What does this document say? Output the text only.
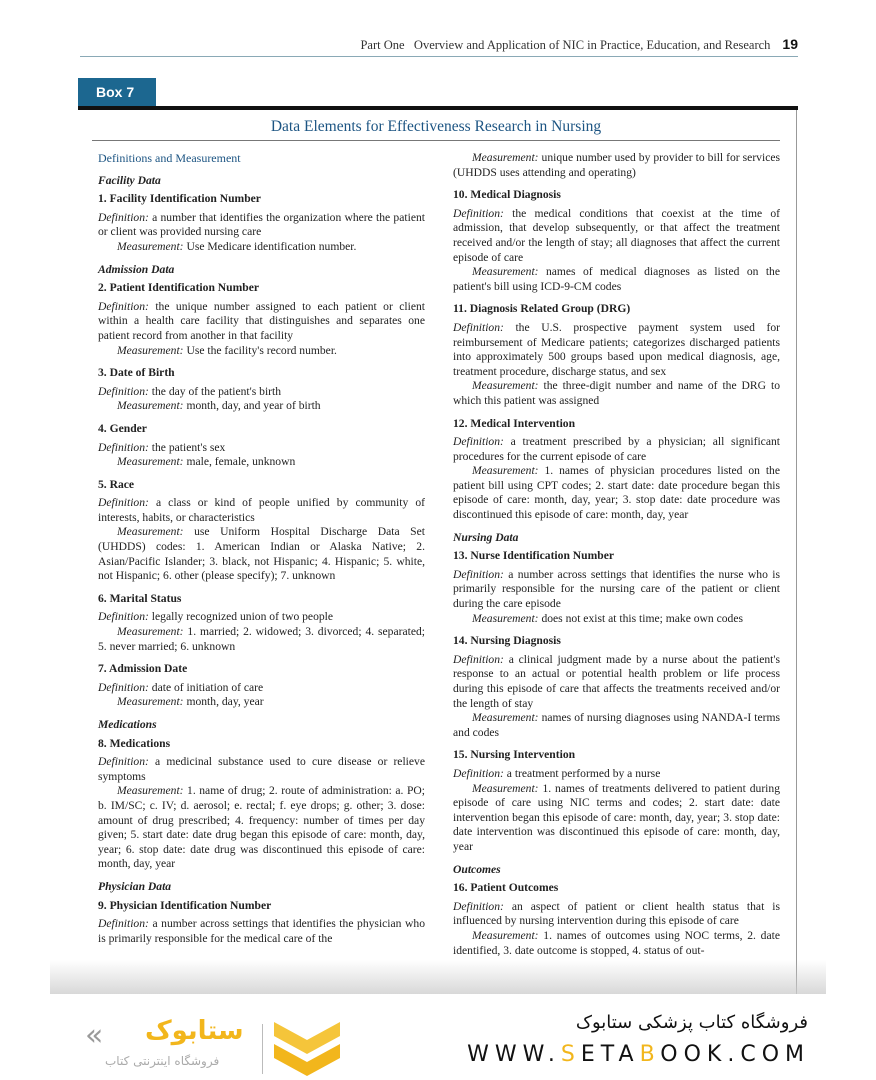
Part One   Overview and Application of NIC in Practice, Education, and Research 19
Box 7
Data Elements for Effectiveness Research in Nursing
Definitions and Measurement
Facility Data
1. Facility Identification Number
Definition: a number that identifies the organization where the patient or client was provided nursing care
Measurement: Use Medicare identification number.
Admission Data
2. Patient Identification Number
Definition: the unique number assigned to each patient or client within a health care facility that distinguishes and separates one patient record from another in that facility
Measurement: Use the facility's record number.
3. Date of Birth
Definition: the day of the patient's birth
Measurement: month, day, and year of birth
4. Gender
Definition: the patient's sex
Measurement: male, female, unknown
5. Race
Definition: a class or kind of people unified by community of interests, habits, or characteristics
Measurement: use Uniform Hospital Discharge Data Set (UHDDS) codes: 1. American Indian or Alaska Native; 2. Asian/Pacific Islander; 3. black, not Hispanic; 4. Hispanic; 5. white, not Hispanic; 6. other (please specify); 7. unknown
6. Marital Status
Definition: legally recognized union of two people
Measurement: 1. married; 2. widowed; 3. divorced; 4. separated; 5. never married; 6. unknown
7. Admission Date
Definition: date of initiation of care
Measurement: month, day, year
Medications
8. Medications
Definition: a medicinal substance used to cure disease or relieve symptoms
Measurement: 1. name of drug; 2. route of administration: a. PO; b. IM/SC; c. IV; d. aerosol; e. rectal; f. eye drops; g. other; 3. dose: amount of drug prescribed; 4. frequency: number of times per day given; 5. start date: date drug began this episode of care: month, day, year; 6. stop date: date drug was discontinued this episode of care: month, day, year
Physician Data
9. Physician Identification Number
Definition: a number across settings that identifies the physician who is primarily responsible for the medical care of the
Measurement: unique number used by provider to bill for services (UHDDS uses attending and operating)
10. Medical Diagnosis
Definition: the medical conditions that coexist at the time of admission, that develop subsequently, or that affect the treatment received and/or the length of stay; all diagnoses that affect the current episode of care
Measurement: names of medical diagnoses as listed on the patient's bill using ICD-9-CM codes
11. Diagnosis Related Group (DRG)
Definition: the U.S. prospective payment system used for reimbursement of Medicare patients; categorizes discharged patients into approximately 500 groups based upon medical diagnosis, age, treatment procedure, discharge status, and sex
Measurement: the three-digit number and name of the DRG to which this patient was assigned
12. Medical Intervention
Definition: a treatment prescribed by a physician; all significant procedures for the current episode of care
Measurement: 1. names of physician procedures listed on the patient bill using CPT codes; 2. start date: date procedure began this episode of care: month, day, year; 3. stop date: date procedure was discontinued this episode of care: month, day, year
Nursing Data
13. Nurse Identification Number
Definition: a number across settings that identifies the nurse who is primarily responsible for the nursing care of the patient or client during the care episode
Measurement: does not exist at this time; make own codes
14. Nursing Diagnosis
Definition: a clinical judgment made by a nurse about the patient's response to an actual or potential health problem or life process during this episode of care that affects the treatments received and/or the length of stay
Measurement: names of nursing diagnoses using NANDA-I terms and codes
15. Nursing Intervention
Definition: a treatment performed by a nurse
Measurement: 1. names of treatments delivered to patient during episode of care using NIC terms and codes; 2. start date: date intervention began this episode of care: month, day, year; 3. stop date: date intervention was discontinued this episode of care: month, day, year
Outcomes
16. Patient Outcomes
Definition: an aspect of patient or client health status that is influenced by nursing intervention during this episode of care
Measurement: 1. names of outcomes using NOC terms, 2. date identified, 3. date outcome is stopped, 4. status of out-
« ستابوک
فروشگاه اینترنتی کتاب
فروشگاه کتاب پزشکی ستابوک
WWW.SETABOOK.COM
